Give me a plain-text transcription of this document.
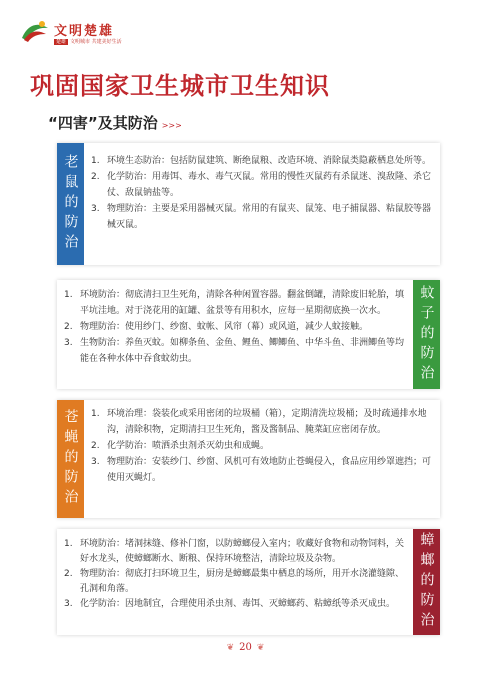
文明楚雄
楚雄 文明城市 共建美好生活
巩固国家卫生城市卫生知识
“四害”及其防治 >>>
老鼠的防治	1. 环境生态防治：包括防鼠建筑、断绝鼠粮、改造环境、消除鼠类隐蔽栖息处所等。
2. 化学防治：用毒饵、毒水、毒气灭鼠。常用的慢性灭鼠药有杀鼠迷、溴敌隆、杀它仗、敌鼠钠盐等。
3. 物理防治：主要是采用器械灭鼠。常用的有鼠夹、鼠笼、电子捕鼠器、粘鼠胶等器械灭鼠。
1. 环境防治：彻底清扫卫生死角，清除各种闲置容器。翻盆倒罐，清除废旧轮胎，填平坑洼地。对于浇花用的缸罐、盆景等有用积水，应每一星期彻底换一次水。
2. 物理防治：使用纱门、纱窗、蚊帐、风帘（幕）或风道，减少人蚊接触。
3. 生物防治：养鱼灭蚊。如柳条鱼、金鱼、鲤鱼、鲫鲫鱼、中华斗鱼、非洲鲫鱼等均能在各种水体中吞食蚊幼虫。	蚊子的防治
苍蝇的防治	1. 环境治理：袋装化或采用密闭的垃圾桶（箱），定期清洗垃圾桶；及时疏通排水地沟，清除积物，定期清扫卫生死角，酱及酱制品、腌菜缸应密闭存放。
2. 化学防治：喷洒杀虫剂杀灭幼虫和成蝇。
3. 物理防治：安装纱门、纱窗、风机可有效地防止苍蝇侵入，食品应用纱罩遮挡；可使用灭蝇灯。
1. 环境防治：堵洞抹缝、修补门窗，以防蟑螂侵入室内；收藏好食物和动物饲料，关好水龙头，使蟑螂断水、断粮、保持环境整洁，清除垃圾及杂物。
2. 物理防治：彻底打扫环境卫生，厨房是蟑螂最集中栖息的场所，用开水浇灌缝隙、孔洞和角落。
3. 化学防治：因地制宜，合理使用杀虫剂、毒饵、灭蟑螂药、粘蟑纸等杀灭成虫。	蟑螂的防治
❦ 20 ❦
